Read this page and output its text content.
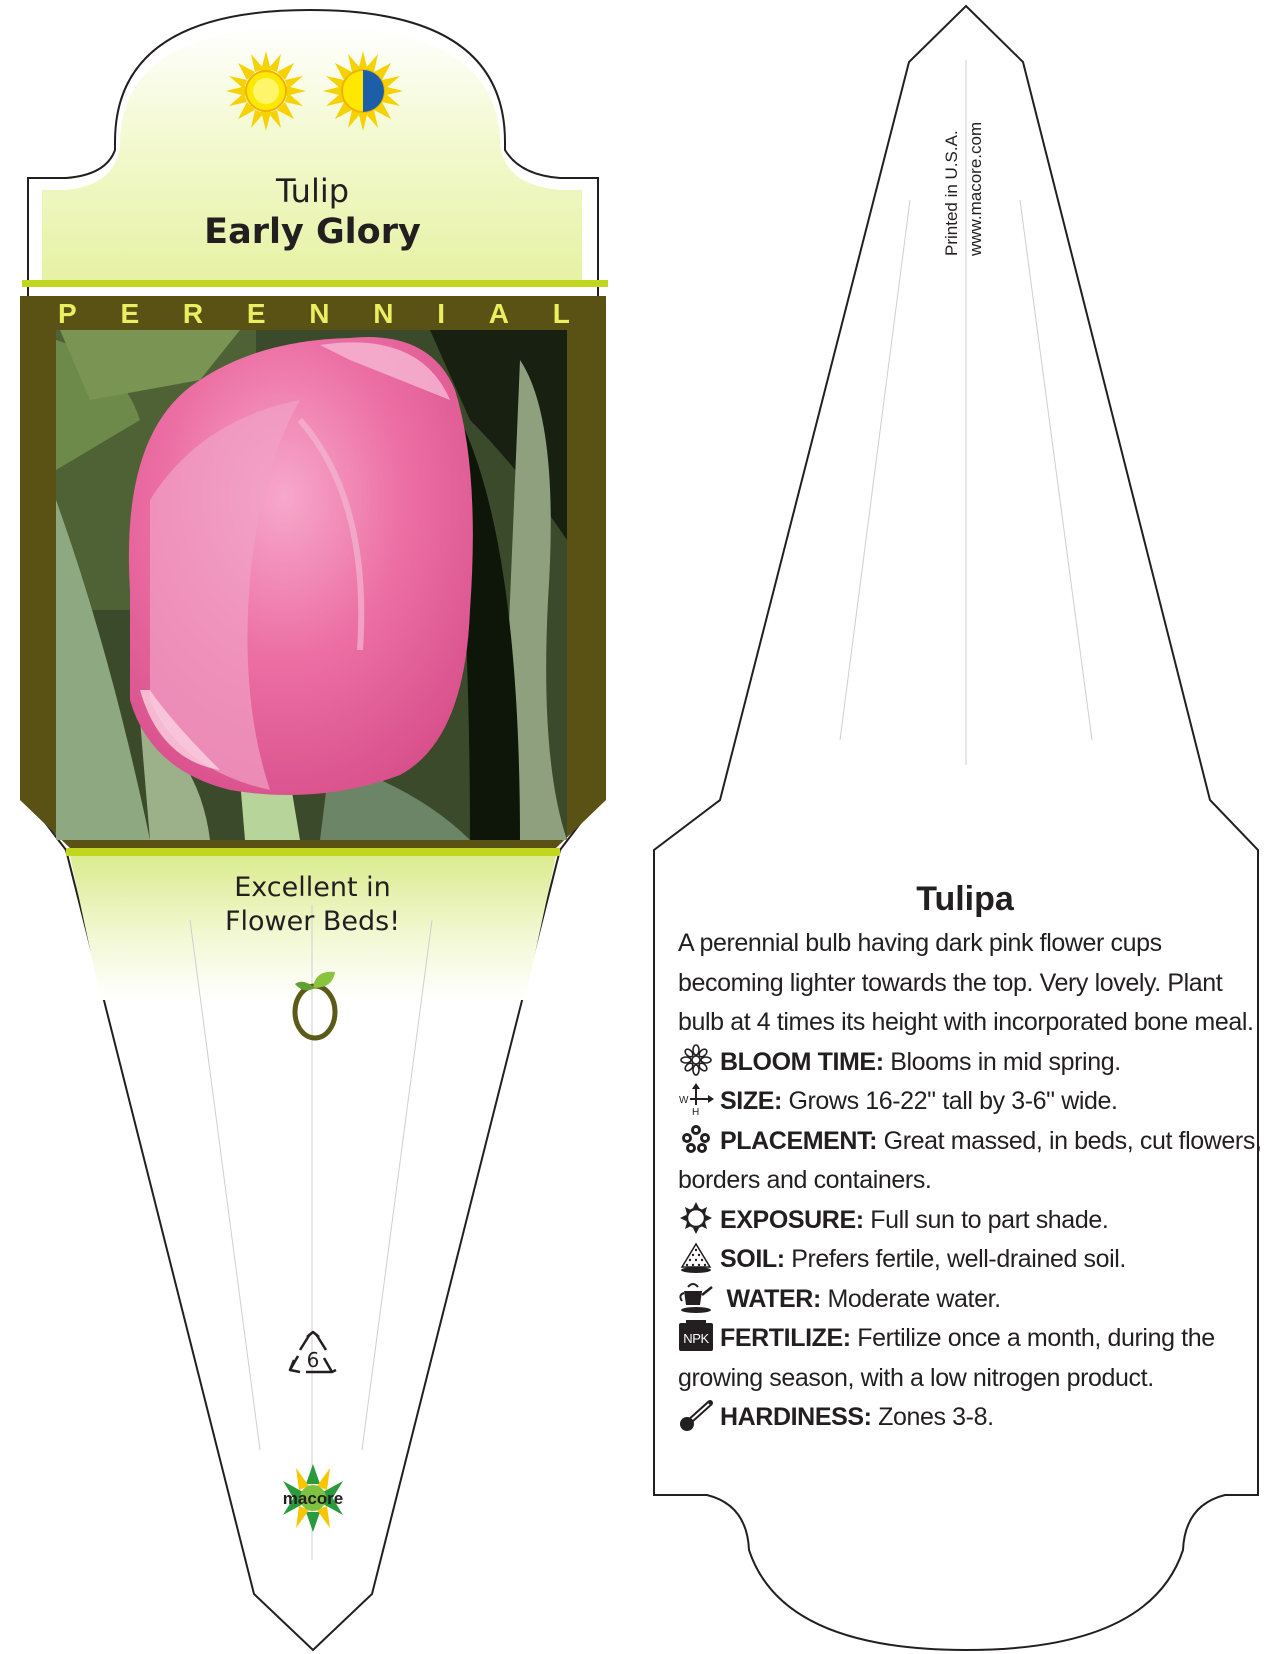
Tulip
Early Glory
P E R E N N I A L
Excellent in
Flower Beds!
6
macore
Printed in U.S.A. www.macore.com
Tulipa
A perennial bulb having dark pink flower cups
becoming lighter towards the top. Very lovely. Plant
bulb at 4 times its height with incorporated bone meal.
BLOOM TIME: Blooms in mid spring.
W
H SIZE: Grows 16-22" tall by 3-6" wide.
PLACEMENT: Great massed, in beds, cut flowers,
borders and containers.
EXPOSURE: Full sun to part shade.
SOIL: Prefers fertile, well-drained soil.
WATER: Moderate water.
NPK FERTILIZE: Fertilize once a month, during the
growing season, with a low nitrogen product.
HARDINESS: Zones 3-8.
